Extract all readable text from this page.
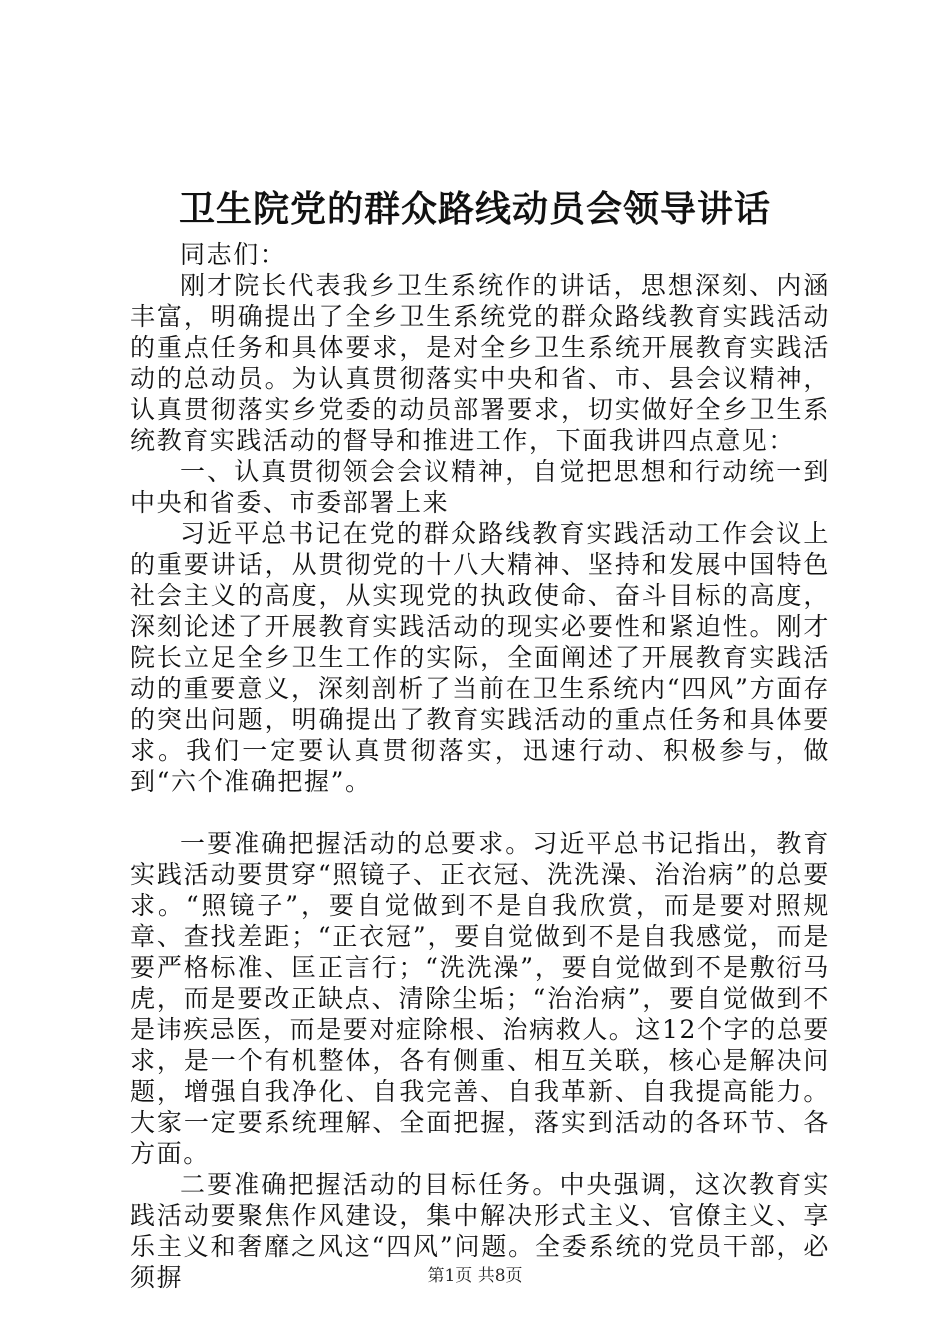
卫生院党的群众路线动员会领导讲话

同志们：

刚才院长代表我乡卫生系统作的讲话，思想深刻、内涵丰富，明确提出了全乡卫生系统党的群众路线教育实践活动的重点任务和具体要求，是对全乡卫生系统开展教育实践活动的总动员。为认真贯彻落实中央和省、市、县会议精神，认真贯彻落实乡党委的动员部署要求，切实做好全乡卫生系统教育实践活动的督导和推进工作，下面我讲四点意见：

一、认真贯彻领会会议精神，自觉把思想和行动统一到中央和省委、市委部署上来

习近平总书记在党的群众路线教育实践活动工作会议上的重要讲话，从贯彻党的十八大精神、坚持和发展中国特色社会主义的高度，从实现党的执政使命、奋斗目标的高度，深刻论述了开展教育实践活动的现实必要性和紧迫性。刚才院长立足全乡卫生工作的实际，全面阐述了开展教育实践活动的重要意义，深刻剖析了当前在卫生系统内“四风”方面存的突出问题，明确提出了教育实践活动的重点任务和具体要求。我们一定要认真贯彻落实，迅速行动、积极参与，做到“六个准确把握”。

一要准确把握活动的总要求。习近平总书记指出，教育实践活动要贯穿“照镜子、正衣冠、洗洗澡、治治病”的总要求。“照镜子”，要自觉做到不是自我欣赏，而是要对照规章、查找差距；“正衣冠”，要自觉做到不是自我感觉，而是要严格标准、匡正言行；“洗洗澡”，要自觉做到不是敷衍马虎，而是要改正缺点、清除尘垢；“治治病”，要自觉做到不是讳疾忌医，而是要对症除根、治病救人。这12个字的总要求，是一个有机整体，各有侧重、相互关联，核心是解决问题，增强自我净化、自我完善、自我革新、自我提高能力。大家一定要系统理解、全面把握，落实到活动的各环节、各方面。

二要准确把握活动的目标任务。中央强调，这次教育实践活动要聚焦作风建设，集中解决形式主义、官僚主义、享乐主义和奢靡之风这“四风”问题。全委系统的党员干部，必须摒	第1页 共8页
